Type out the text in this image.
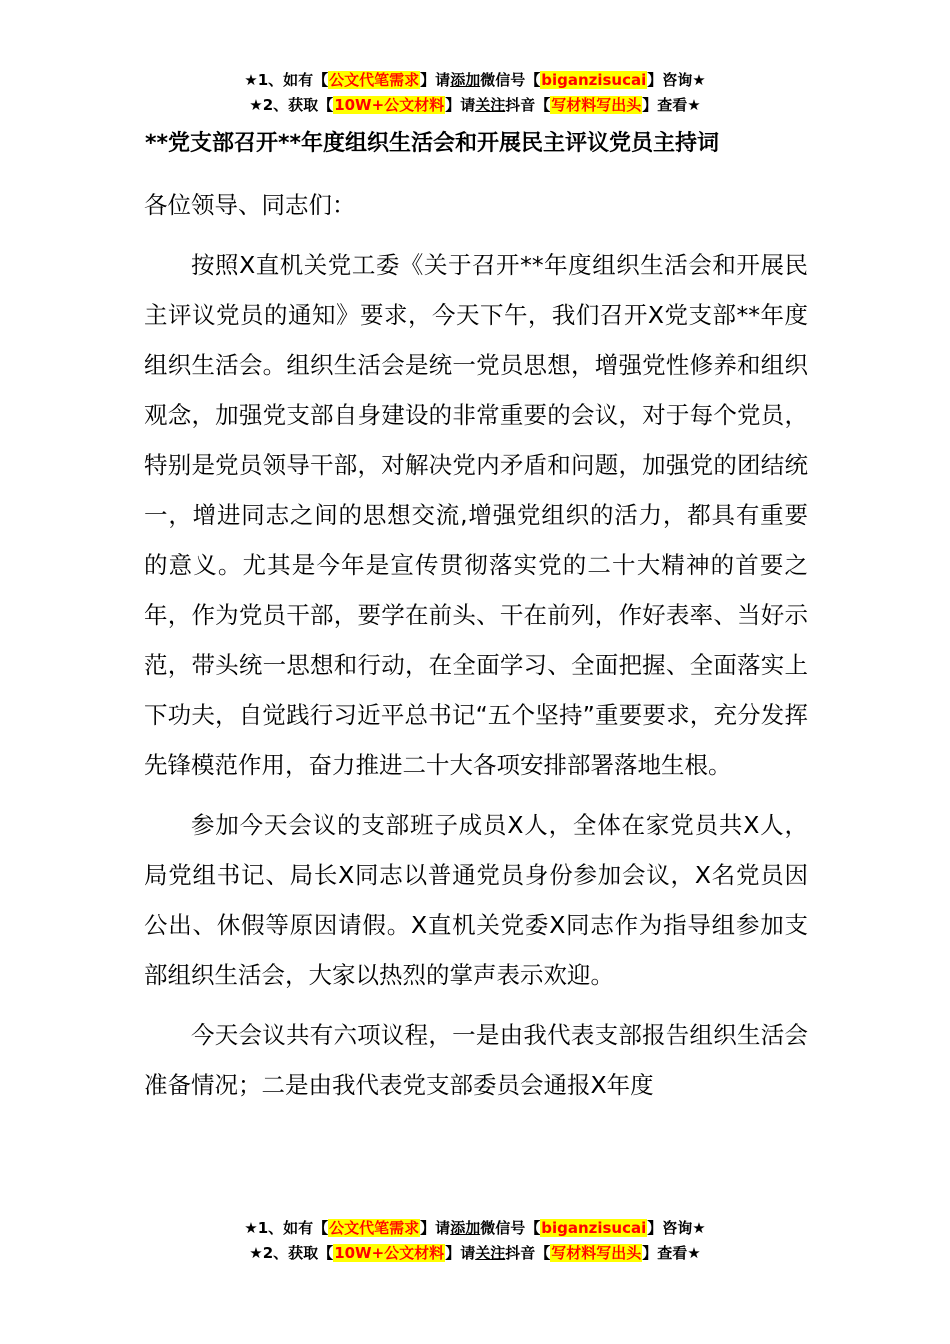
★1、如有【公文代笔需求】请添加微信号【biganzisucai】咨询★
★2、获取【10W+公文材料】请关注抖音【写材料写出头】查看★
**党支部召开**年度组织生活会和开展民主评议党员主持词

各位领导、同志们：

按照X直机关党工委《关于召开**年度组织生活会和开展民主评议党员的通知》要求，今天下午，我们召开X党支部**年度组织生活会。组织生活会是统一党员思想，增强党性修养和组织观念，加强党支部自身建设的非常重要的会议，对于每个党员，特别是党员领导干部，对解决党内矛盾和问题，加强党的团结统一，增进同志之间的思想交流,增强党组织的活力，都具有重要的意义。尤其是今年是宣传贯彻落实党的二十大精神的首要之年，作为党员干部，要学在前头、干在前列，作好表率、当好示范，带头统一思想和行动，在全面学习、全面把握、全面落实上下功夫，自觉践行习近平总书记“五个坚持”重要要求，充分发挥先锋模范作用，奋力推进二十大各项安排部署落地生根。

参加今天会议的支部班子成员X人，全体在家党员共X人，局党组书记、局长X同志以普通党员身份参加会议，X名党员因公出、休假等原因请假。X直机关党委X同志作为指导组参加支部组织生活会，大家以热烈的掌声表示欢迎。

今天会议共有六项议程，一是由我代表支部报告组织生活会准备情况；二是由我代表党支部委员会通报X年度

★1、如有【公文代笔需求】请添加微信号【biganzisucai】咨询★
★2、获取【10W+公文材料】请关注抖音【写材料写出头】查看★
